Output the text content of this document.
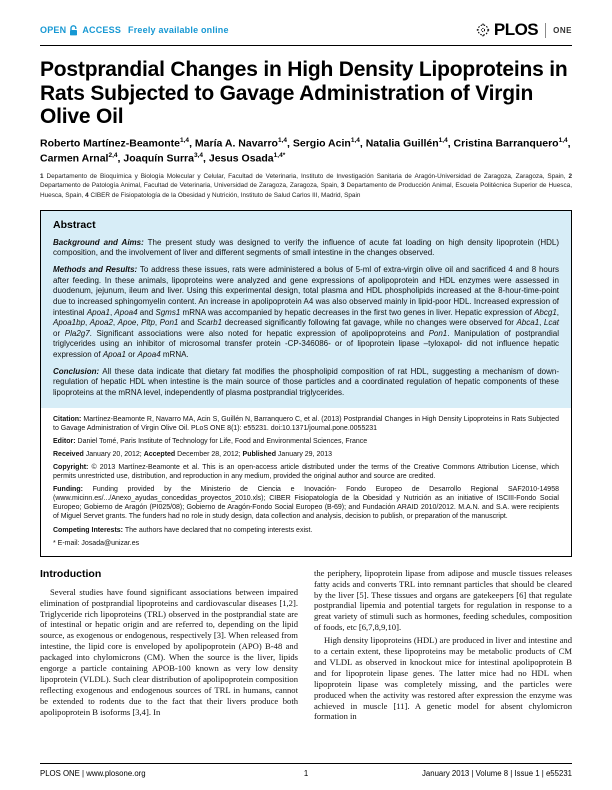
OPEN ACCESS Freely available online	PLOS ONE
Postprandial Changes in High Density Lipoproteins in Rats Subjected to Gavage Administration of Virgin Olive Oil

Roberto Martínez-Beamonte$^{1,4}$, María A. Navarro$^{1,4}$, Sergio Acin$^{1,4}$, Natalia Guillén$^{1,4}$, Cristina Barranquero$^{1,4}$, Carmen Arnal$^{2,4}$, Joaquín Surra$^{3,4}$, Jesus Osada$^{1,4*}$

1 Departamento de Bioquímica y Biología Molecular y Celular, Facultad de Veterinaria, Instituto de Investigación Sanitaria de Aragón-Universidad de Zaragoza, Zaragoza, Spain, 2 Departamento de Patología Animal, Facultad de Veterinaria, Universidad de Zaragoza, Zaragoza, Spain, 3 Departamento de Producción Animal, Escuela Politécnica Superior de Huesca, Huesca, Spain, 4 CIBER de Fisiopatología de la Obesidad y Nutrición, Instituto de Salud Carlos III, Madrid, Spain

Abstract

Background and Aims: The present study was designed to verify the influence of acute fat loading on high density lipoprotein (HDL) composition, and the involvement of liver and different segments of small intestine in the changes observed.

Methods and Results: To address these issues, rats were administered a bolus of 5-ml of extra-virgin olive oil and sacrificed 4 and 8 hours after feeding. In these animals, lipoproteins were analyzed and gene expressions of apolipoprotein and HDL enzymes were assessed in duodenum, jejunum, ileum and liver. Using this experimental design, total plasma and HDL phospholipids increased at the 8-hour-time-point due to increased sphingomyelin content. An increase in apolipoprotein A4 was also observed mainly in lipid-poor HDL. Increased expression of intestinal Apoa1, Apoa4 and Sgms1 mRNA was accompanied by hepatic decreases in the first two genes in liver. Hepatic expression of Abcg1, Apoa1bp, Apoa2, Apoe, Pltp, Pon1 and Scarb1 decreased significantly following fat gavage, while no changes were observed for Abca1, Lcat or Pla2g7. Significant associations were also noted for hepatic expression of apolipoproteins and Pon1. Manipulation of postprandial triglycerides using an inhibitor of microsomal transfer protein -CP-346086- or of lipoprotein lipase –tyloxapol- did not influence hepatic expression of Apoa1 or Apoa4 mRNA.

Conclusion: All these data indicate that dietary fat modifies the phospholipid composition of rat HDL, suggesting a mechanism of down-regulation of hepatic HDL when intestine is the main source of those particles and a coordinated regulation of hepatic components of these lipoproteins at the mRNA level, independently of plasma postprandial triglycerides.

Citation: Martínez-Beamonte R, Navarro MA, Acin S, Guillén N, Barranquero C, et al. (2013) Postprandial Changes in High Density Lipoproteins in Rats Subjected to Gavage Administration of Virgin Olive Oil. PLoS ONE 8(1): e55231. doi:10.1371/journal.pone.0055231

Editor: Daniel Tomé, Paris Institute of Technology for Life, Food and Environmental Sciences, France

Received January 20, 2012; Accepted December 28, 2012; Published January 29, 2013

Copyright: © 2013 Martínez-Beamonte et al. This is an open-access article distributed under the terms of the Creative Commons Attribution License, which permits unrestricted use, distribution, and reproduction in any medium, provided the original author and source are credited.

Funding: Funding provided by the Ministerio de Ciencia e Inovación- Fondo Europeo de Desarrollo Regional SAF2010-14958 (www.micinn.es/.../Anexo_ayudas_concedidas_proyectos_2010.xls); CIBER Fisiopatología de la Obesidad y Nutrición as an initiative of ISCIII-Fondo Social Europeo; Gobierno de Aragón (PI025/08); Gobierno de Aragón-Fondo Social Europeo (B-69); and Fundación ARAID 2010/2012. M.A.N. and S.A. were recipients of Miguel Servet grants. The funders had no role in study design, data collection and analysis, decision to publish, or preparation of the manuscript.

Competing Interests: The authors have declared that no competing interests exist.

* E-mail: Josada@unizar.es

Introduction

Several studies have found significant associations between impaired elimination of postprandial lipoproteins and cardiovascular diseases [1,2]. Triglyceride rich lipoproteins (TRL) observed in the postprandial state are of intestinal or hepatic origin and are referred to, depending on the lipid source, as exogenous or endogenous, respectively [3]. When released from intestine, the lipid core is enveloped by apolipoprotein (APO) B-48 and packaged into chylomicrons (CM). When the source is the liver, lipids engorge a particle containing APOB-100 known as very low density lipoprotein (VLDL). Such clear distribution of apolipoprotein composition reflecting exogenous and endogenous sources of TRL in humans, cannot be extended to rodents due to the fact that their livers produce both apolipoprotein B isoforms [3,4]. In

the periphery, lipoprotein lipase from adipose and muscle tissues releases fatty acids and converts TRL into remnant particles that should be cleared by the liver [5]. These tissues and organs are gatekeepers [6] that regulate postprandial lipemia and potential targets for regulation in response to a great variety of stimuli such as hormones, feeding schedules, composition of foods, etc [6,7,8,9,10].

High density lipoproteins (HDL) are produced in liver and intestine and to a certain extent, these lipoproteins may be metabolic products of CM and VLDL as observed in knockout mice for intestinal apolipoprotein B and for lipoprotein lipase genes. The latter mice had no HDL when lipoprotein lipase was completely missing, and the particles were produced when the activity was restored after expression the enzyme was achieved in muscle [11]. A genetic model for absent chylomicron formation in

PLOS ONE | www.plosone.org	1	January 2013 | Volume 8 | Issue 1 | e55231
